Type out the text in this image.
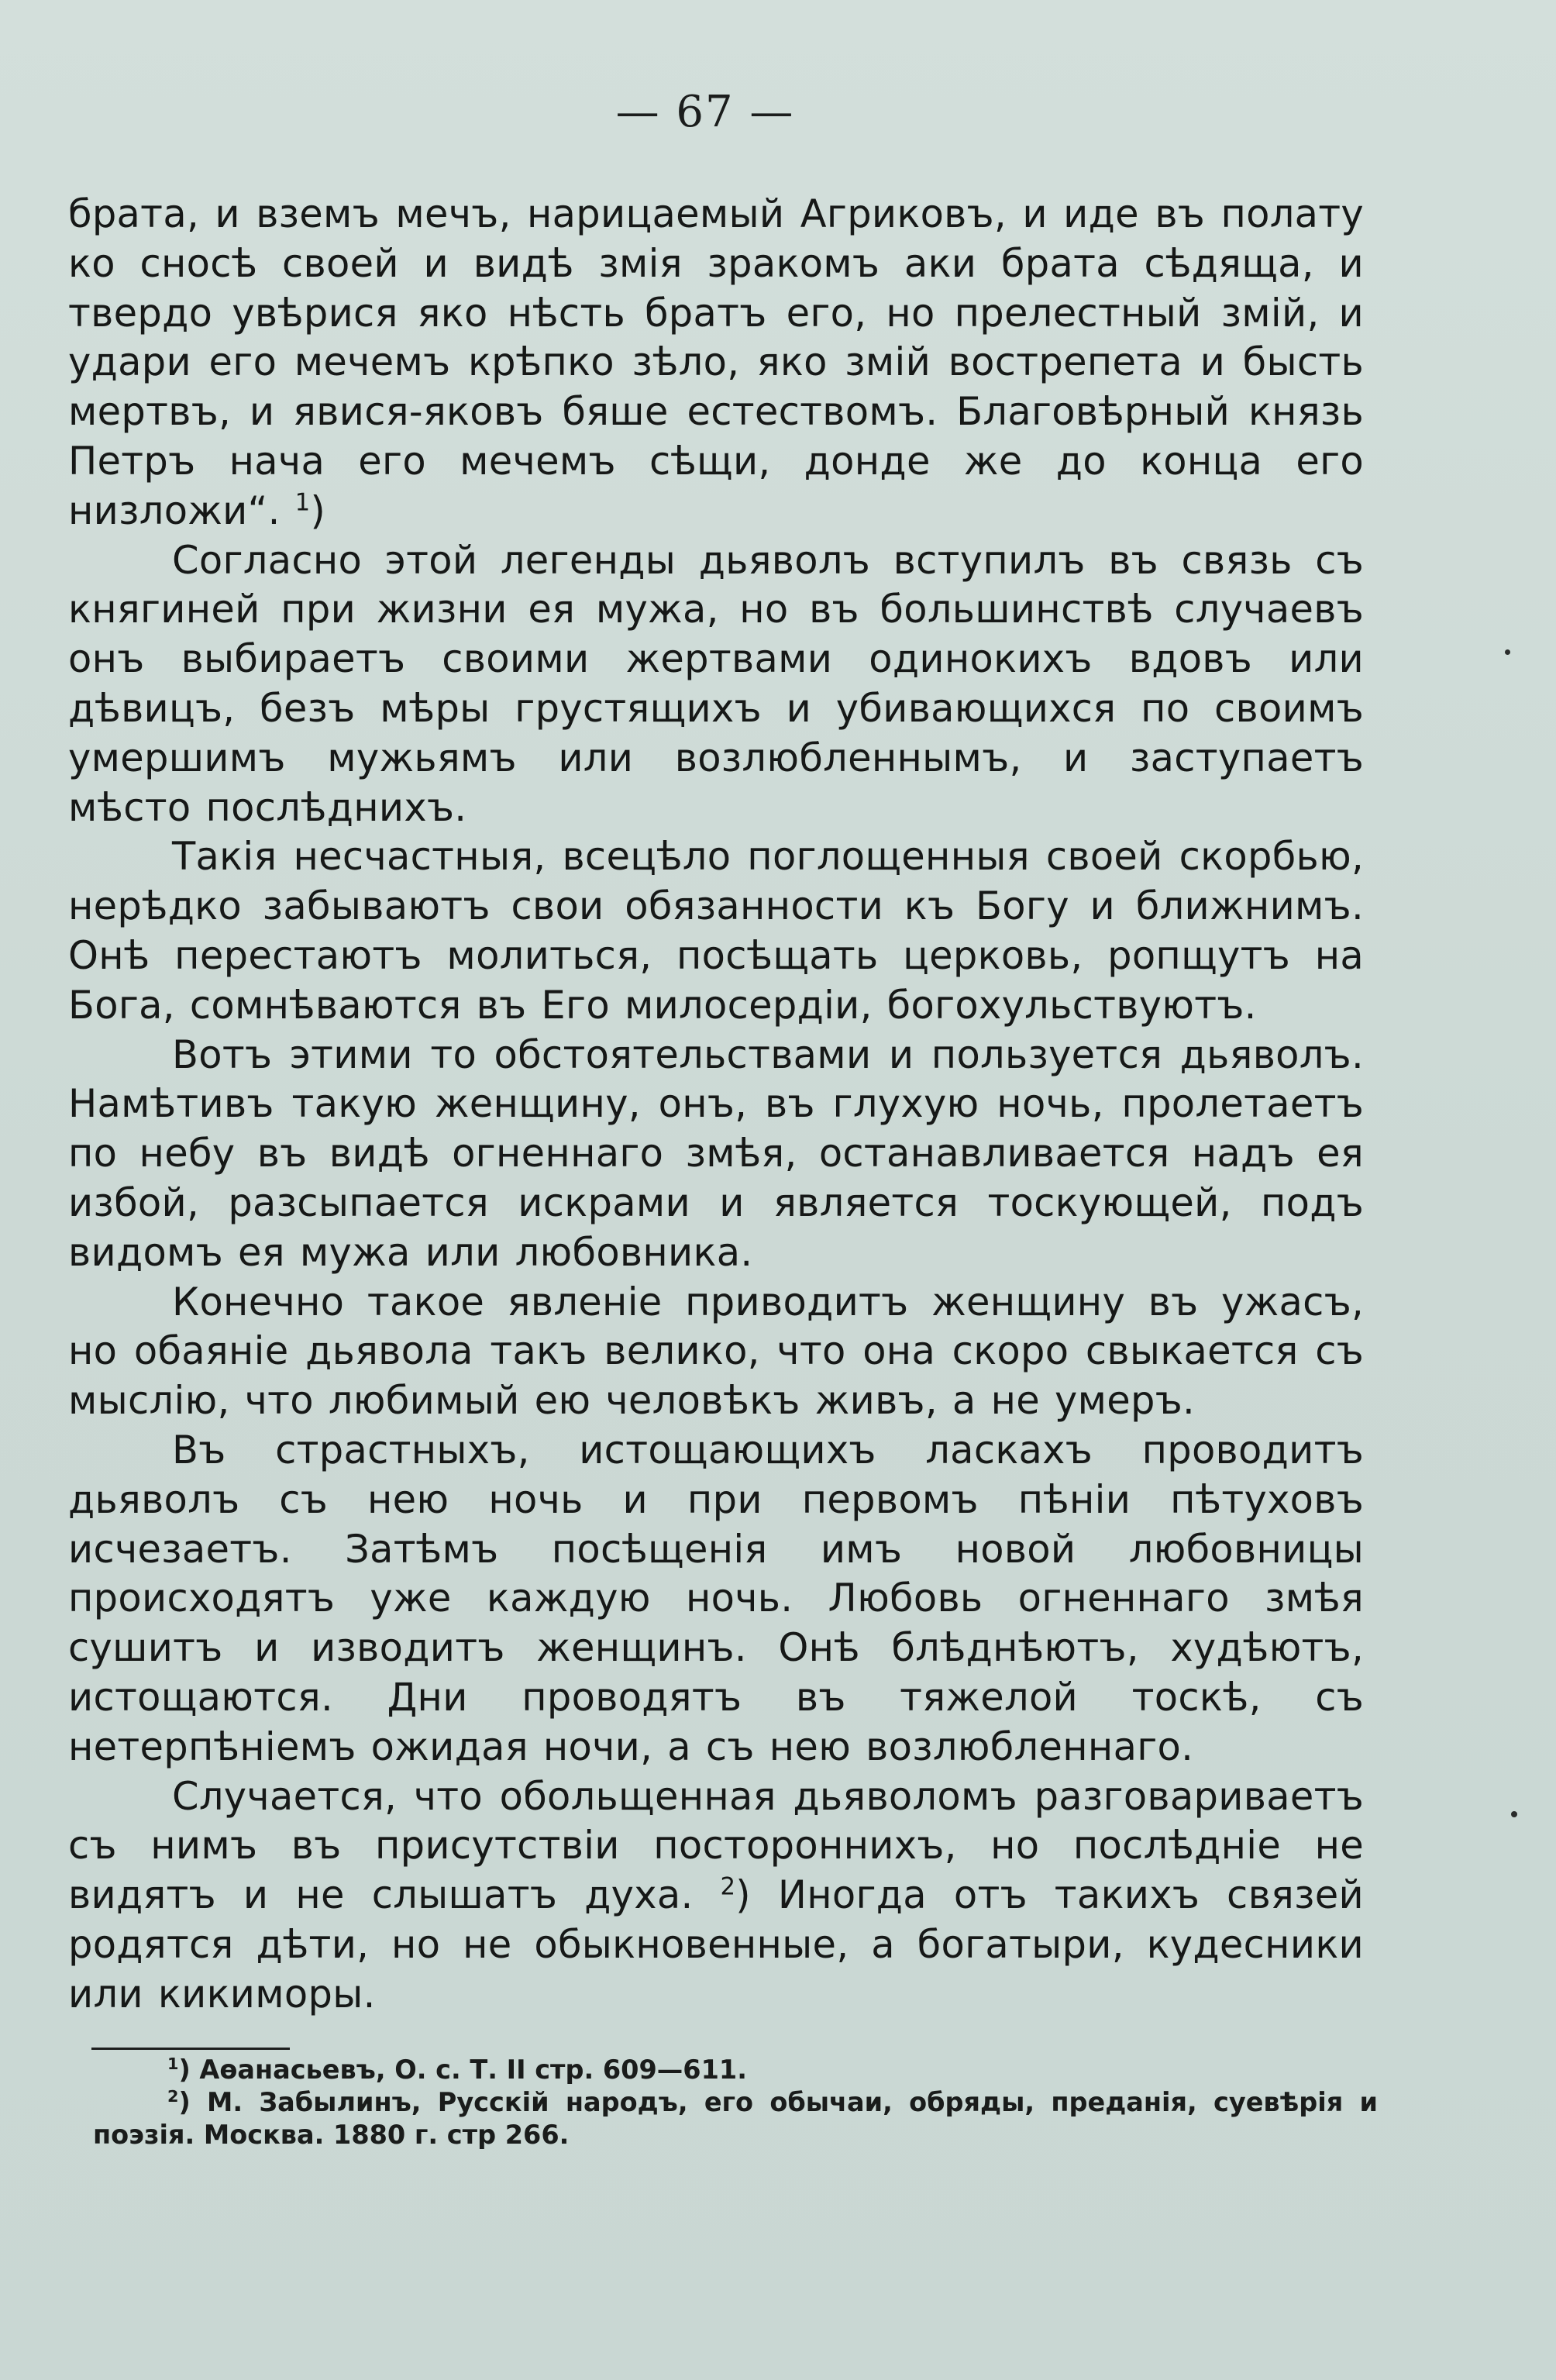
— 67 —

брата, и вземъ мечъ, нарицаемый Агриковъ, и иде въ полату ко сносѣ своей и видѣ змія зракомъ аки брата сѣдяща, и твердо увѣрися яко нѣсть братъ его, но прелестный змій, и удари его мечемъ крѣпко зѣло, яко змій вострепета и бысть мертвъ, и явися-яковъ бяше естествомъ. Благовѣрный князь Петръ нача его мечемъ сѣщи, донде же до конца его низложи“. $^1$)

Согласно этой легенды дьяволъ вступилъ въ связь съ княгиней при жизни ея мужа, но въ большинствѣ случаевъ онъ выбираетъ своими жертвами одинокихъ вдовъ или дѣвицъ, безъ мѣры грустящихъ и убивающихся по своимъ умершимъ мужьямъ или возлюбленнымъ, и заступаетъ мѣсто послѣднихъ.

Такія несчастныя, всецѣло поглощенныя своей скорбью, нерѣдко забываютъ свои обязанности къ Богу и ближнимъ. Онѣ перестаютъ молиться, посѣщать церковь, ропщутъ на Бога, сомнѣваются въ Его милосердіи, богохульствуютъ.

Вотъ этими то обстоятельствами и пользуется дьяволъ. Намѣтивъ такую женщину, онъ, въ глухую ночь, пролетаетъ по небу въ видѣ огненнаго змѣя, останавливается надъ ея избой, разсыпается искрами и является тоскующей, подъ видомъ ея мужа или любовника.

Конечно такое явленіе приводитъ женщину въ ужасъ, но обаяніе дьявола такъ велико, что она скоро свыкается съ мыслію, что любимый ею человѣкъ живъ, а не умеръ.

Въ страстныхъ, истощающихъ ласкахъ проводитъ дьяволъ съ нею ночь и при первомъ пѣніи пѣтуховъ исчезаетъ. Затѣмъ посѣщенія имъ новой любовницы происходятъ уже каждую ночь. Любовь огненнаго змѣя сушитъ и изводитъ женщинъ. Онѣ блѣднѣютъ, худѣютъ, истощаются. Дни проводятъ въ тяжелой тоскѣ, съ нетерпѣніемъ ожидая ночи, а съ нею возлюбленнаго.

Случается, что обольщенная дьяволомъ разговариваетъ съ нимъ въ присутствіи постороннихъ, но послѣдніе не видятъ и не слышатъ духа. $^2$) Иногда отъ такихъ связей родятся дѣти, но не обыкновенные, а богатыри, кудесники или кикиморы.

$^1$) Аѳанасьевъ, О. с. Т. II стр. 609—611.

$^2$) М. Забылинъ, Русскій народъ, его обычаи, обряды, преданія, суевѣрія и поэзія. Москва. 1880 г. стр 266.
